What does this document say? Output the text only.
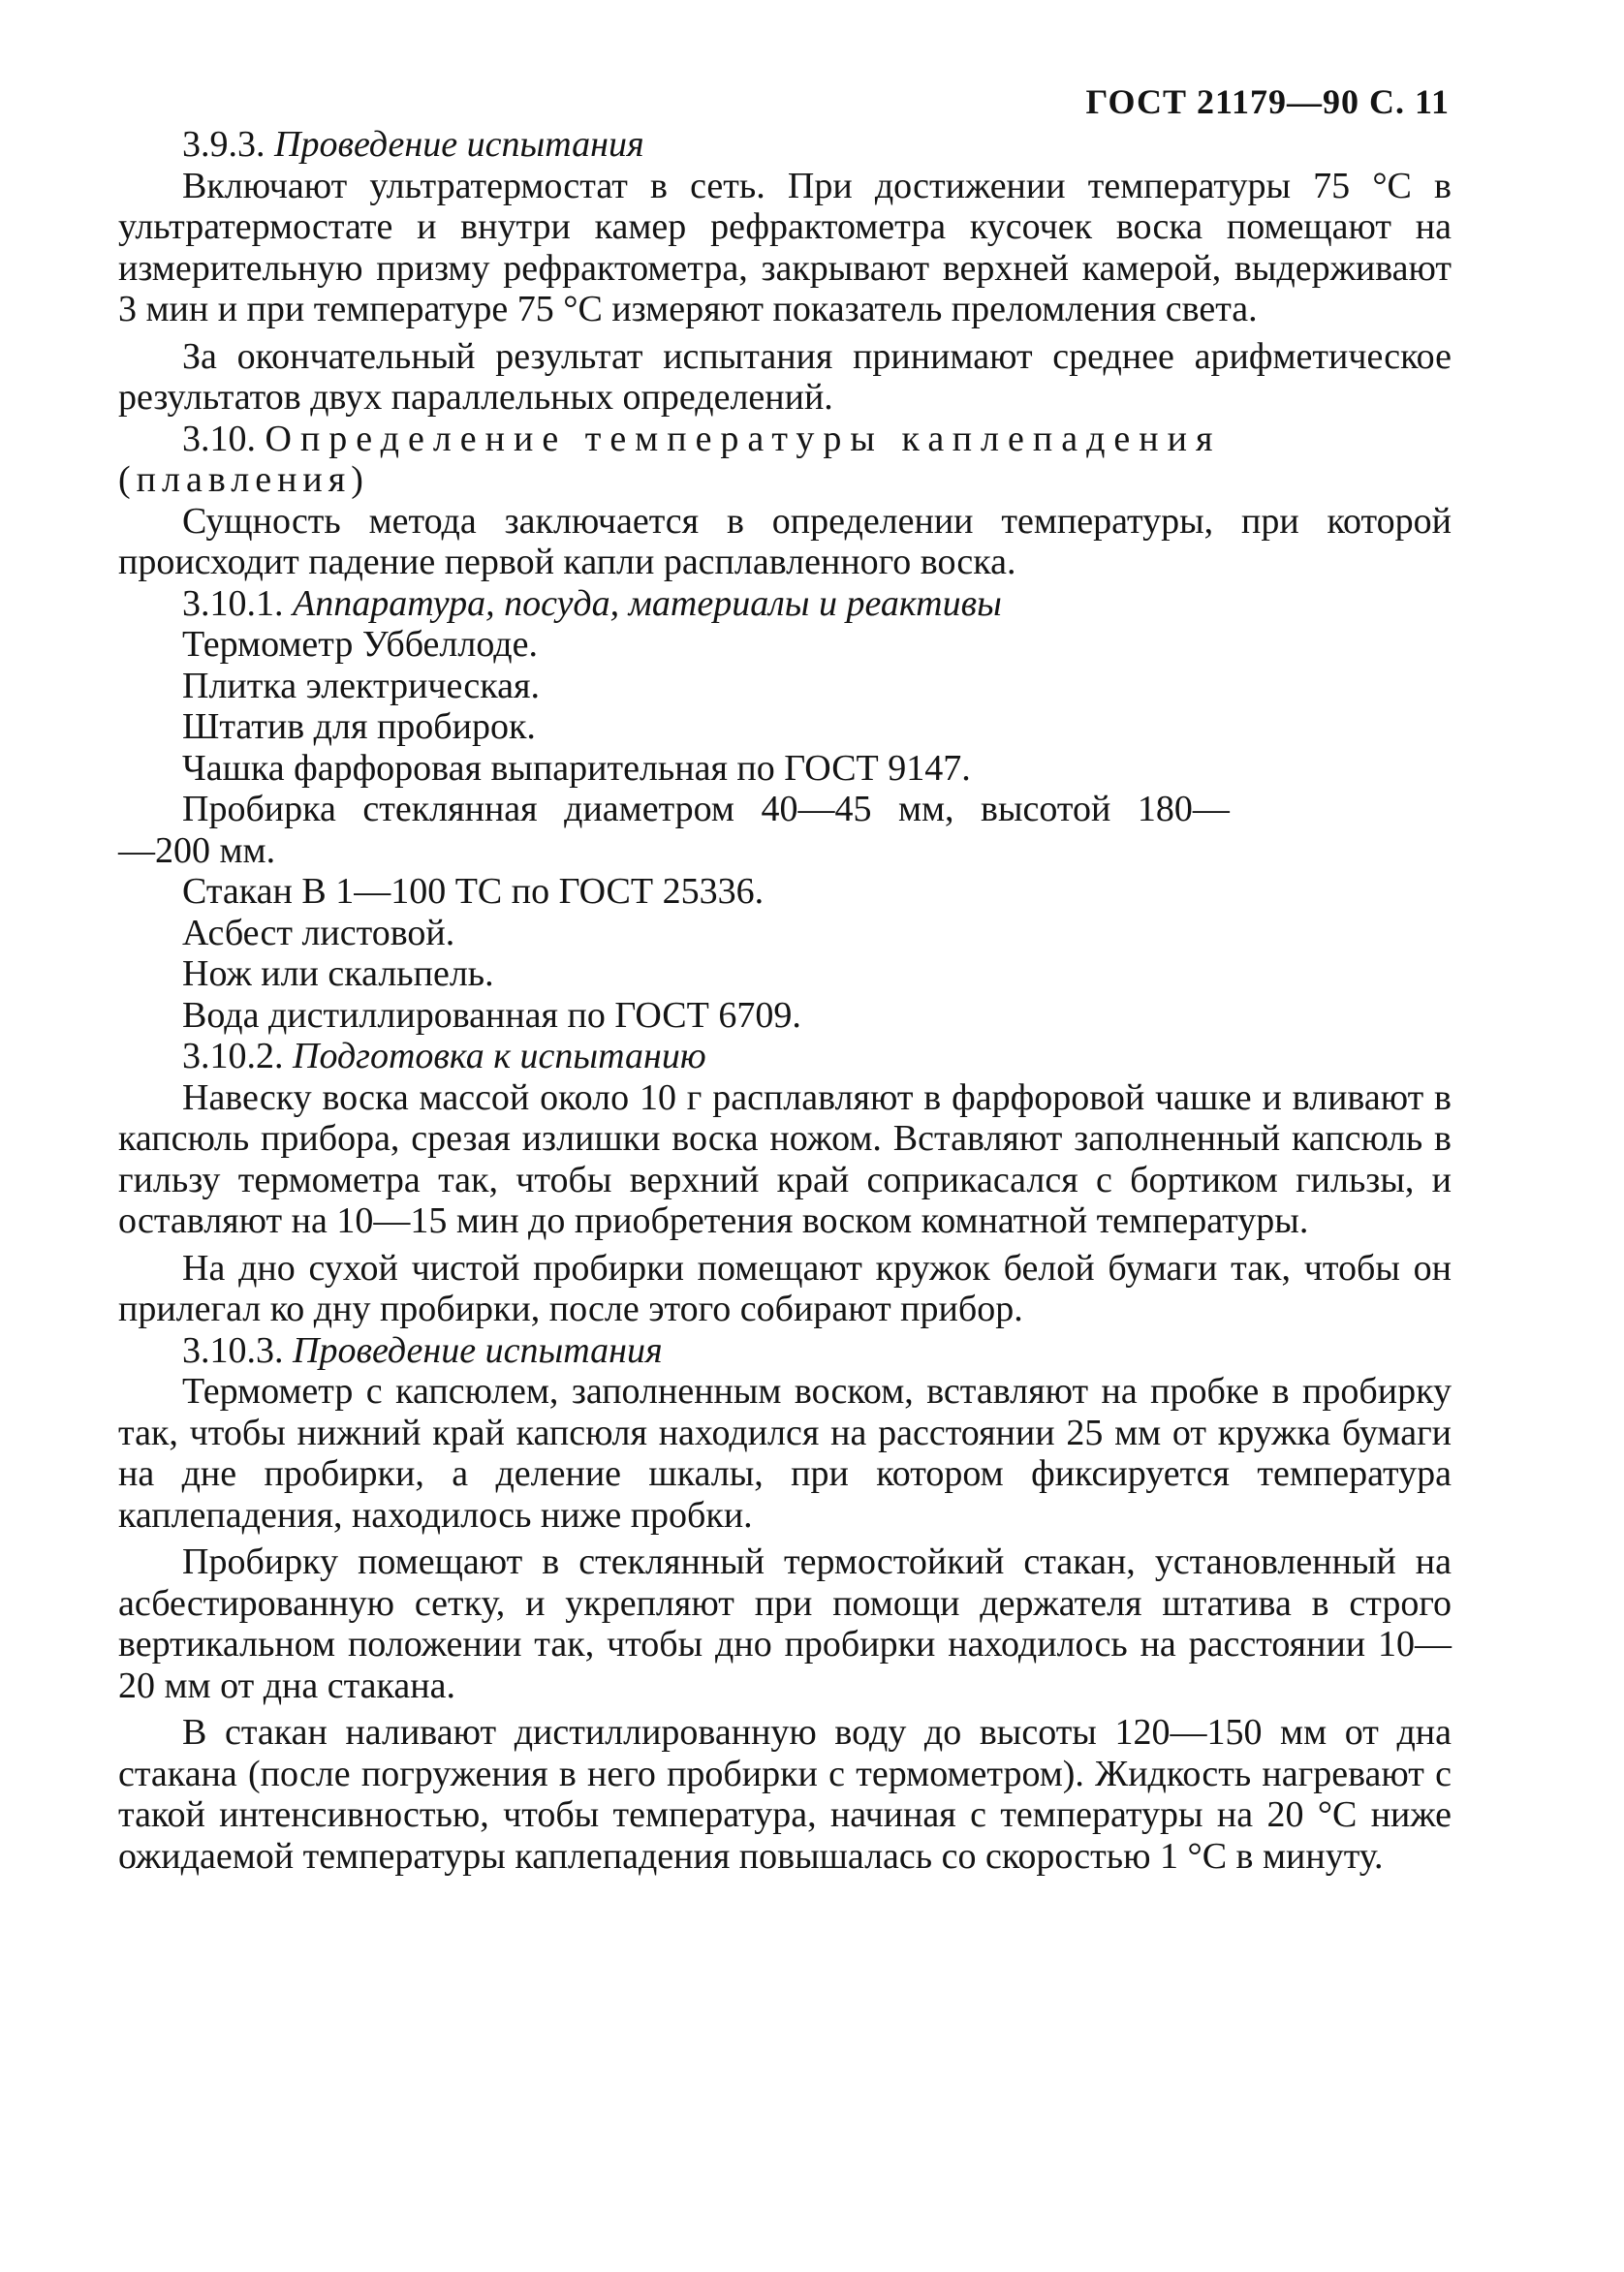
ГОСТ 21179—90 С. 11

3.9.3. Проведение испытания

Включают ультратермостат в сеть. При достижении температуры 75 °С в ультратермостате и внутри камер рефрактометра кусочек воска помещают на измерительную призму рефрактометра, закрывают верхней камерой, выдерживают 3 мин и при температуре 75 °С измеряют показатель преломления света.

За окончательный результат испытания принимают среднее арифметическое результатов двух параллельных определений.

3.10. Определение температуры каплепадения

(плавления)

Сущность метода заключается в определении температуры, при которой происходит падение первой капли расплавленного воска.

3.10.1. Аппаратура, посуда, материалы и реактивы

Термометр Уббеллоде.

Плитка электрическая.

Штатив для пробирок.

Чашка фарфоровая выпарительная по ГОСТ 9147.

Пробирка стеклянная диаметром 40—45 мм, высотой 180—

—200 мм.

Стакан В 1—100 ТС по ГОСТ 25336.

Асбест листовой.

Нож или скальпель.

Вода дистиллированная по ГОСТ 6709.

3.10.2. Подготовка к испытанию

Навеску воска массой около 10 г расплавляют в фарфоровой чашке и вливают в капсюль прибора, срезая излишки воска ножом. Вставляют заполненный капсюль в гильзу термометра так, чтобы верхний край соприкасался с бортиком гильзы, и оставляют на 10—15 мин до приобретения воском комнатной температуры.

На дно сухой чистой пробирки помещают кружок белой бумаги так, чтобы он прилегал ко дну пробирки, после этого собирают прибор.

3.10.3. Проведение испытания

Термометр с капсюлем, заполненным воском, вставляют на пробке в пробирку так, чтобы нижний край капсюля находился на расстоянии 25 мм от кружка бумаги на дне пробирки, а деление шкалы, при котором фиксируется температура каплепадения, находилось ниже пробки.

Пробирку помещают в стеклянный термостойкий стакан, установленный на асбестированную сетку, и укрепляют при помощи держателя штатива в строго вертикальном положении так, чтобы дно пробирки находилось на расстоянии 10—20 мм от дна стакана.

В стакан наливают дистиллированную воду до высоты 120—150 мм от дна стакана (после погружения в него пробирки с термометром). Жидкость нагревают с такой интенсивностью, чтобы температура, начиная с температуры на 20 °С ниже ожидаемой температуры каплепадения повышалась со скоростью 1 °С в минуту.
